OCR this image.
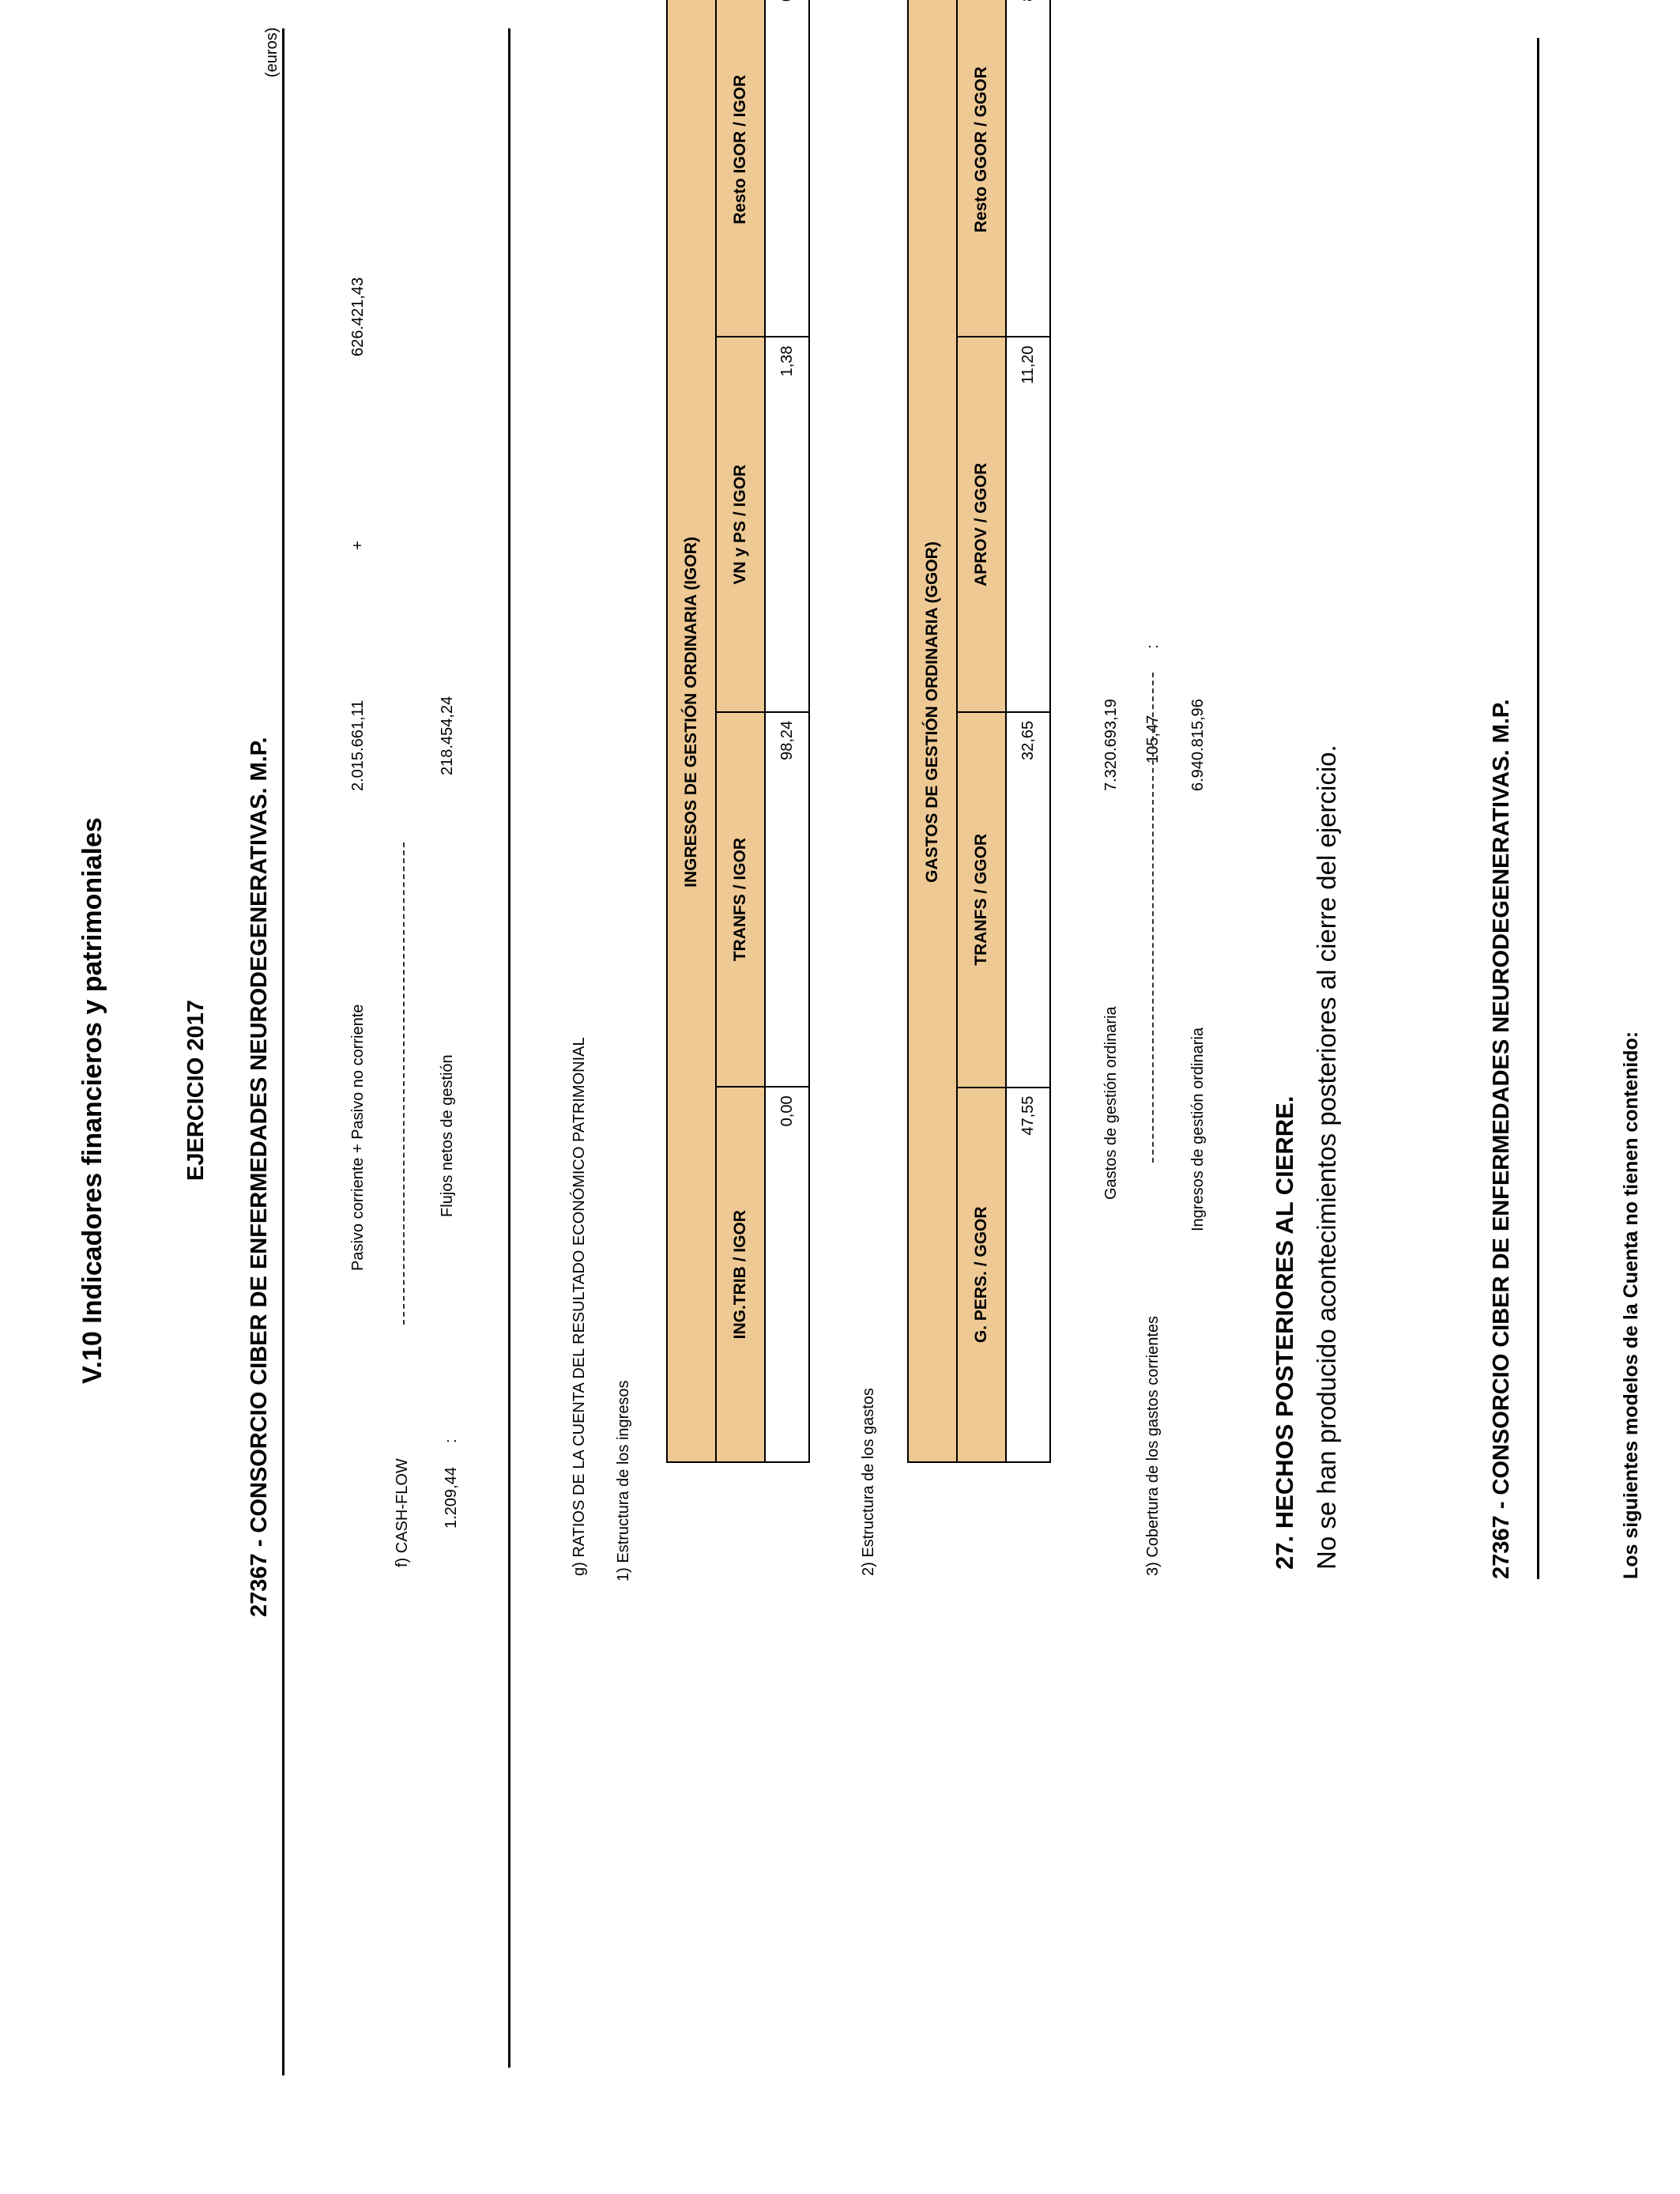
V.10 Indicadores financieros y patrimoniales	27367 - CONSORCIO CIBER DE ENFERMEDADES NEURODEGENERATIVAS. M.P.
EJERCICIO 2017
(euros)
f) CASH-FLOW 1.209,44
:
Pasivo corriente + Pasivo no corriente
2.015.661,11
+
626.421,43
Flujos netos de gestión
218.454,24
g) RATIOS DE LA CUENTA DEL RESULTADO ECONÓMICO PATRIMONIAL 1) Estructura de los ingresos
INGRESOS DE GESTIÓN ORDINARIA (IGOR)			
ING.TRIB / IGOR	TRANFS / IGOR	VN y PS / IGOR	Resto IGOR / IGOR
0,00	98,24	1,38	
2) Estructura de los gastos
GASTOS DE GESTIÓN ORDINARIA (GGOR)			
G. PERS. / GGOR	TRANFS / GGOR	APROV / GGOR	Resto GGOR / GGOR
47,55	32,65	11,20	
3) Cobertura de los gastos corrientes
105,47
:
Gastos de gestión ordinaria
7.320.693,19
Ingresos de gestión ordinaria
6.940.815,96
27. HECHOS POSTERIORES AL CIERRE. No se han producido acontecimientos posteriores al cierre del ejercicio.	27367 - CONSORCIO CIBER DE ENFERMEDADES NEURODEGENERATIVAS. M.P.	Los siguientes modelos de la Cuenta no tienen contenido:
